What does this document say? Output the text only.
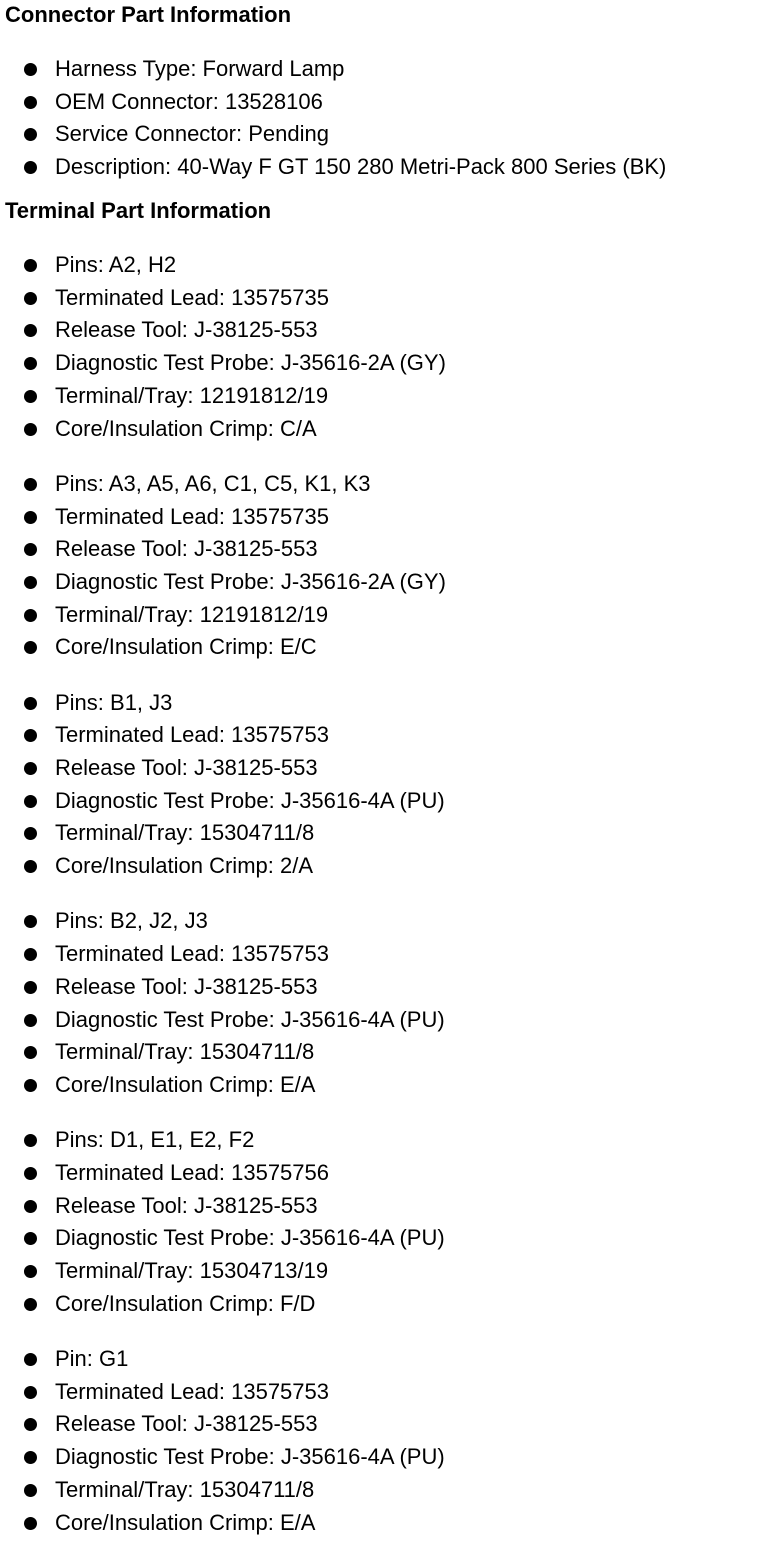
Connector Part Information
Harness Type: Forward Lamp
OEM Connector: 13528106
Service Connector: Pending
Description: 40-Way F GT 150 280 Metri-Pack 800 Series (BK)
Terminal Part Information
Pins: A2, H2
Terminated Lead: 13575735
Release Tool: J-38125-553
Diagnostic Test Probe: J-35616-2A (GY)
Terminal/Tray: 12191812/19
Core/Insulation Crimp: C/A
Pins: A3, A5, A6, C1, C5, K1, K3
Terminated Lead: 13575735
Release Tool: J-38125-553
Diagnostic Test Probe: J-35616-2A (GY)
Terminal/Tray: 12191812/19
Core/Insulation Crimp: E/C
Pins: B1, J3
Terminated Lead: 13575753
Release Tool: J-38125-553
Diagnostic Test Probe: J-35616-4A (PU)
Terminal/Tray: 15304711/8
Core/Insulation Crimp: 2/A
Pins: B2, J2, J3
Terminated Lead: 13575753
Release Tool: J-38125-553
Diagnostic Test Probe: J-35616-4A (PU)
Terminal/Tray: 15304711/8
Core/Insulation Crimp: E/A
Pins: D1, E1, E2, F2
Terminated Lead: 13575756
Release Tool: J-38125-553
Diagnostic Test Probe: J-35616-4A (PU)
Terminal/Tray: 15304713/19
Core/Insulation Crimp: F/D
Pin: G1
Terminated Lead: 13575753
Release Tool: J-38125-553
Diagnostic Test Probe: J-35616-4A (PU)
Terminal/Tray: 15304711/8
Core/Insulation Crimp: E/A
